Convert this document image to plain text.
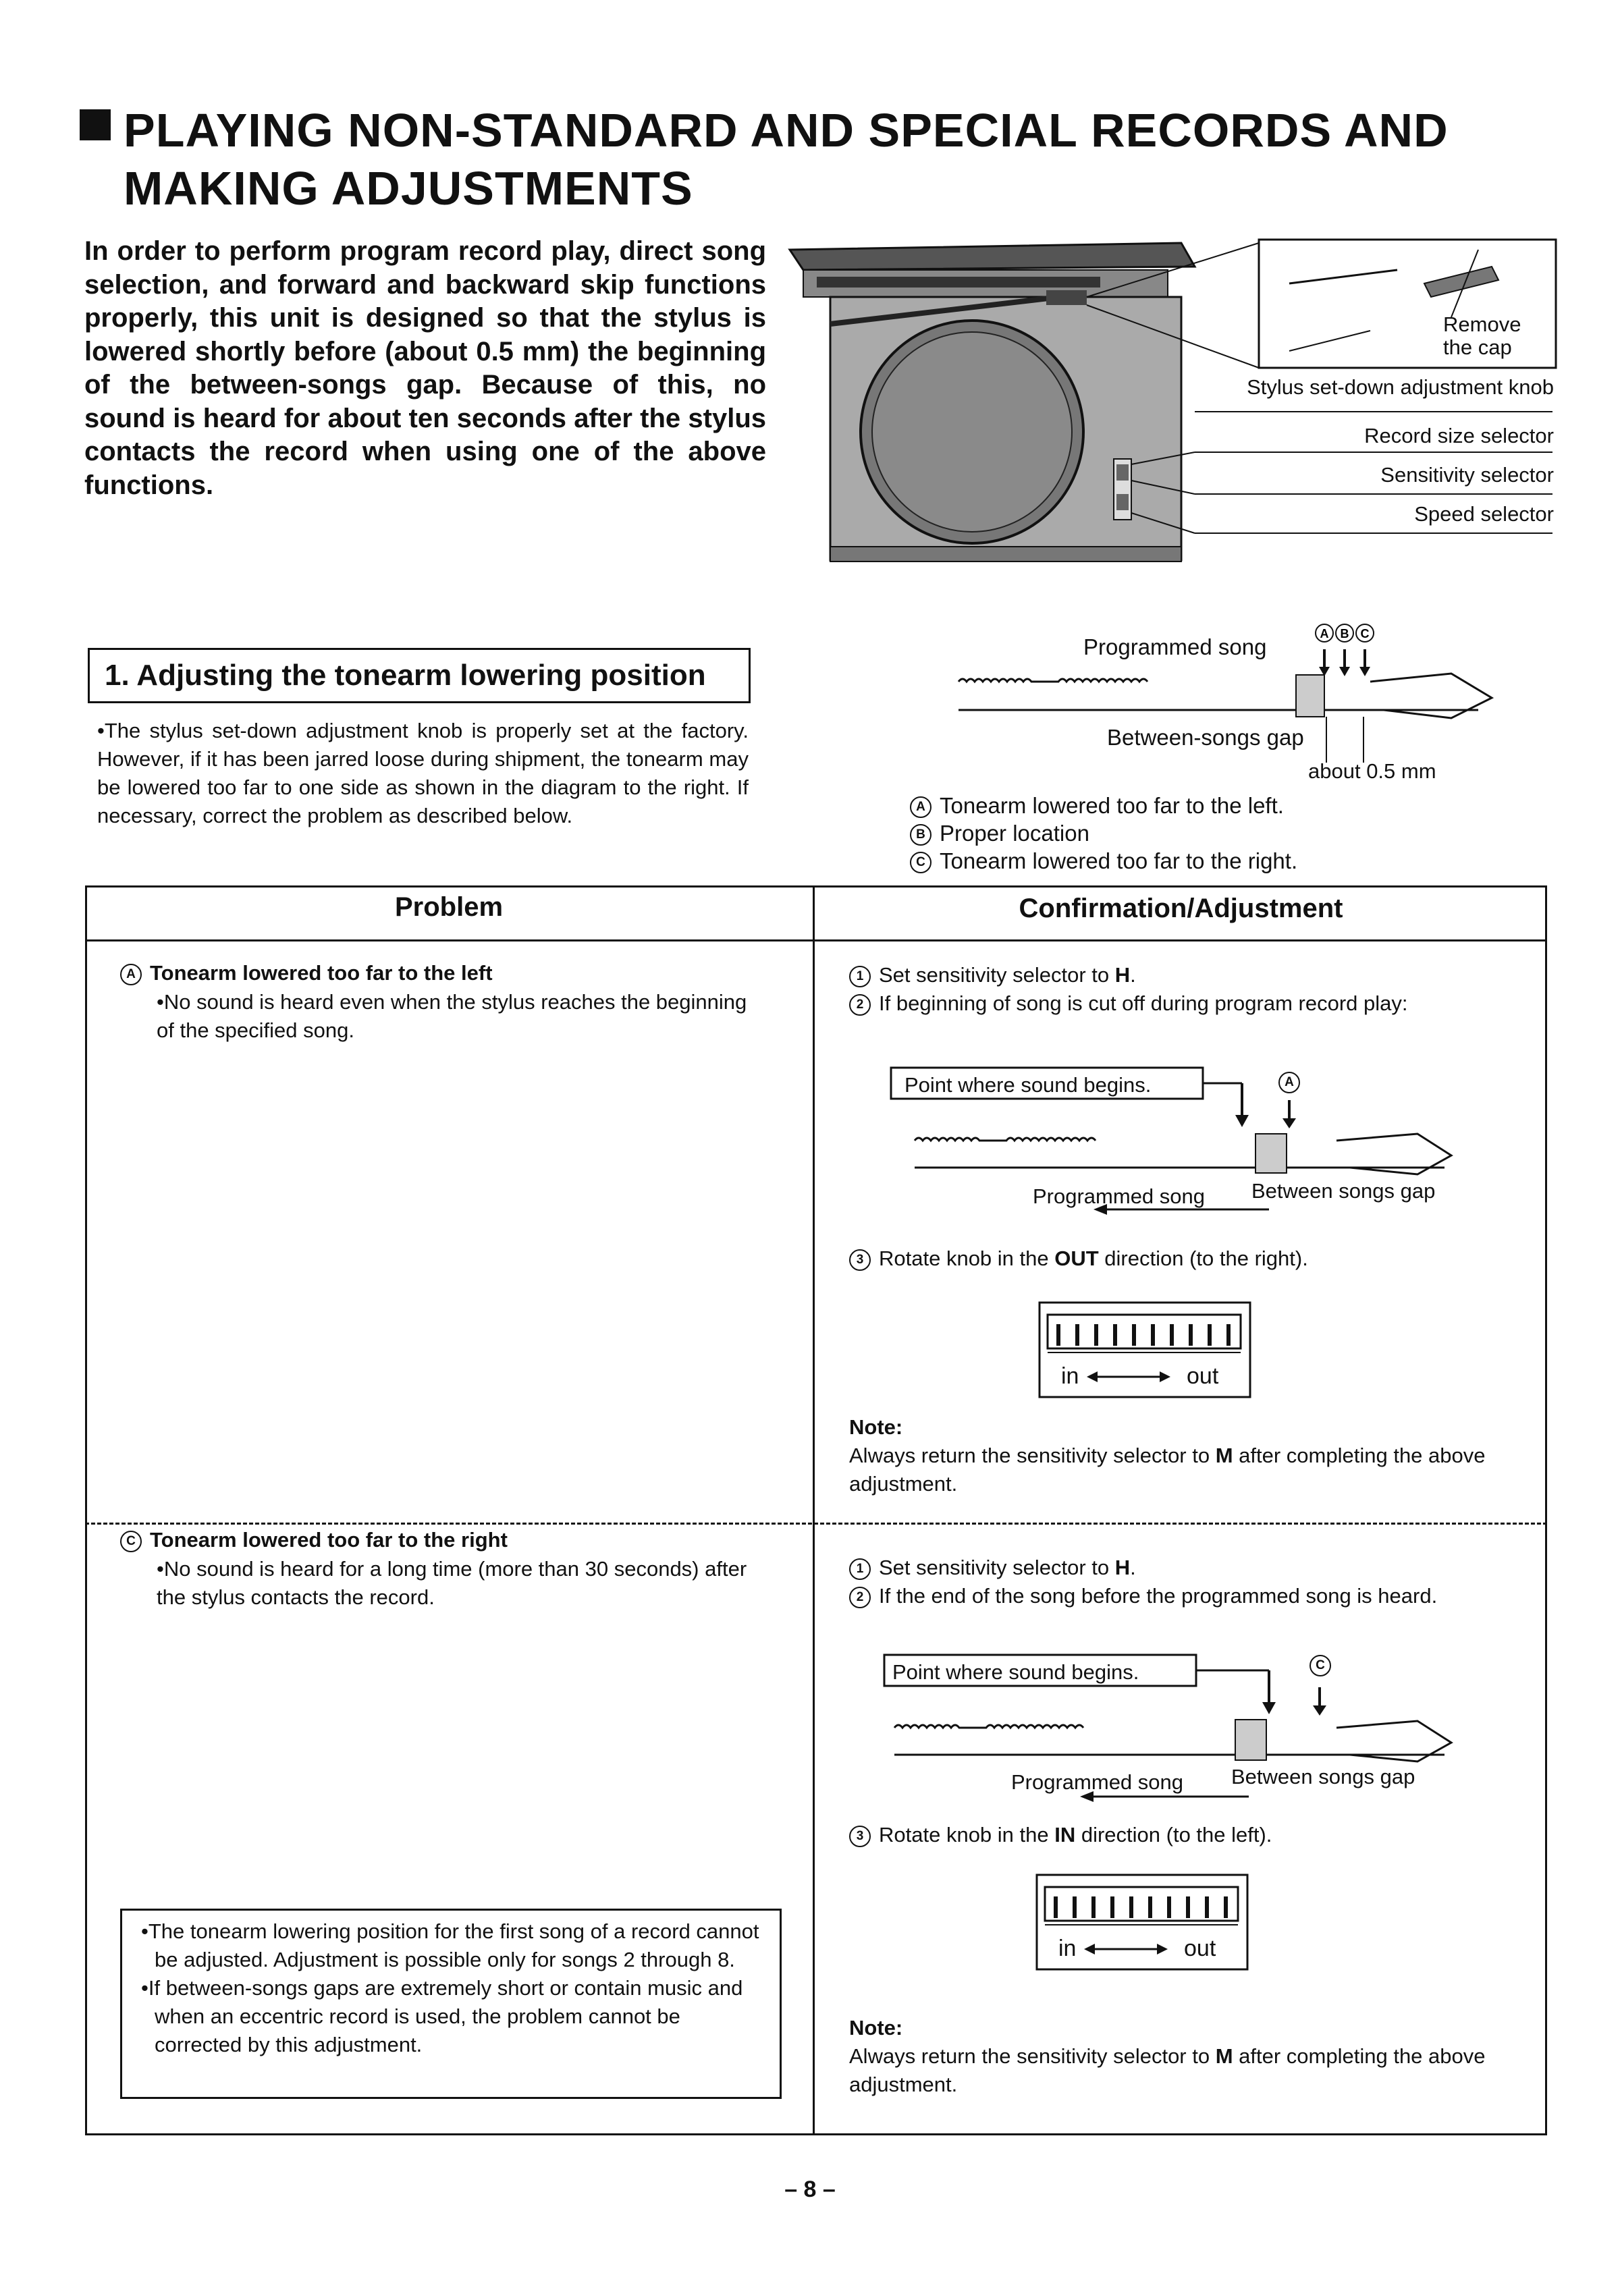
PLAYING NON-STANDARD AND SPECIAL RECORDS AND
MAKING ADJUSTMENTS
In order to perform program record play, direct song selection, and forward and backward skip functions properly, this unit is designed so that the stylus is lowered shortly before (about 0.5 mm) the beginning of the between-songs gap. Because of this, no sound is heard for about ten seconds after the stylus contacts the record when using one of the above functions.
Remove
the cap
Stylus set-down adjustment knob
Record size selector
Sensitivity selector
Speed selector
1. Adjusting the tonearm lowering position
•The stylus set-down adjustment knob is properly set at the factory. However, if it has been jarred loose during shipment, the tonearm may be lowered too far to one side as shown in the diagram to the right. If necessary, correct the problem as described below.
A B C
Programmed song
Between-songs gap
about 0.5 mm
A Tonearm lowered too far to the left.
B Proper location
C Tonearm lowered too far to the right.
Problem	Confirmation/Adjustment
A Tonearm lowered too far to the left
•No sound is heard even when the stylus reaches the beginning of the specified song.
1 Set sensitivity selector to H.
2 If beginning of song is cut off during program record play:
Point where sound begins.	A
Programmed song Between songs gap
3 Rotate knob in the OUT direction (to the right).
in	out
Note:
Always return the sensitivity selector to M after completing the above adjustment.
C Tonearm lowered too far to the right
•No sound is heard for a long time (more than 30 seconds) after the stylus contacts the record.
1 Set sensitivity selector to H.
2 If the end of the song before the programmed song is heard.
Point where sound begins.	C
Programmed song Between songs gap
3 Rotate knob in the IN direction (to the left).
in	out
Note:
Always return the sensitivity selector to M after completing the above adjustment.

•The tonearm lowering position for the first song of a record cannot be adjusted. Adjustment is possible only for songs 2 through 8.

•If between-songs gaps are extremely short or contain music and when an eccentric record is used, the problem cannot be corrected by this adjustment.

– 8 –
